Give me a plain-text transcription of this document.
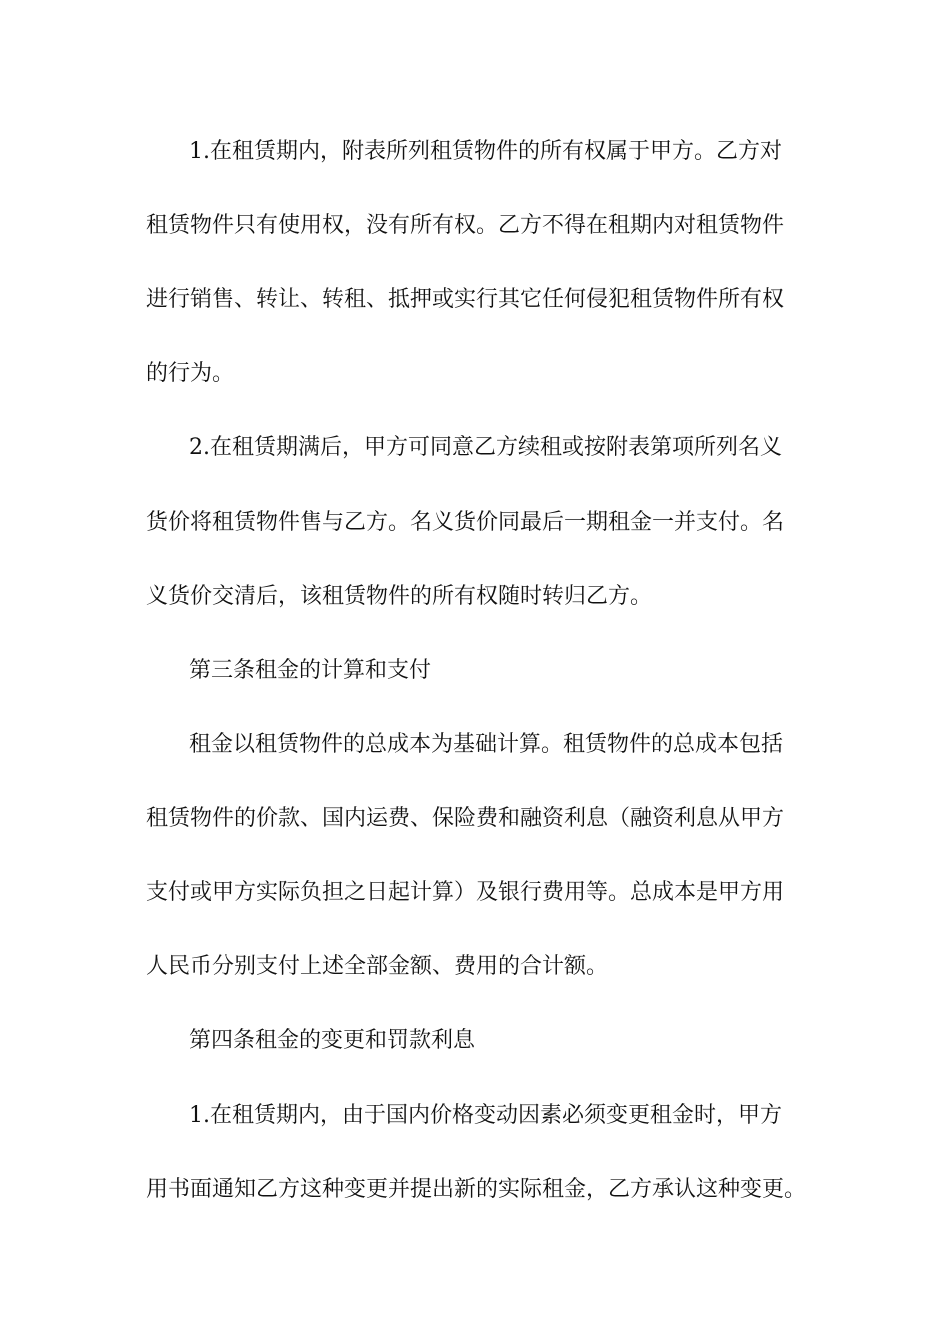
1.在租赁期内，附表所列租赁物件的所有权属于甲方。乙方对
租赁物件只有使用权，没有所有权。乙方不得在租期内对租赁物件
进行销售、转让、转租、抵押或实行其它任何侵犯租赁物件所有权
的行为。
2.在租赁期满后，甲方可同意乙方续租或按附表第项所列名义
货价将租赁物件售与乙方。名义货价同最后一期租金一并支付。名
义货价交清后，该租赁物件的所有权随时转归乙方。
第三条租金的计算和支付
租金以租赁物件的总成本为基础计算。租赁物件的总成本包括
租赁物件的价款、国内运费、保险费和融资利息（融资利息从甲方
支付或甲方实际负担之日起计算）及银行费用等。总成本是甲方用
人民币分别支付上述全部金额、费用的合计额。
第四条租金的变更和罚款利息
1.在租赁期内，由于国内价格变动因素必须变更租金时，甲方
用书面通知乙方这种变更并提出新的实际租金，乙方承认这种变更。
